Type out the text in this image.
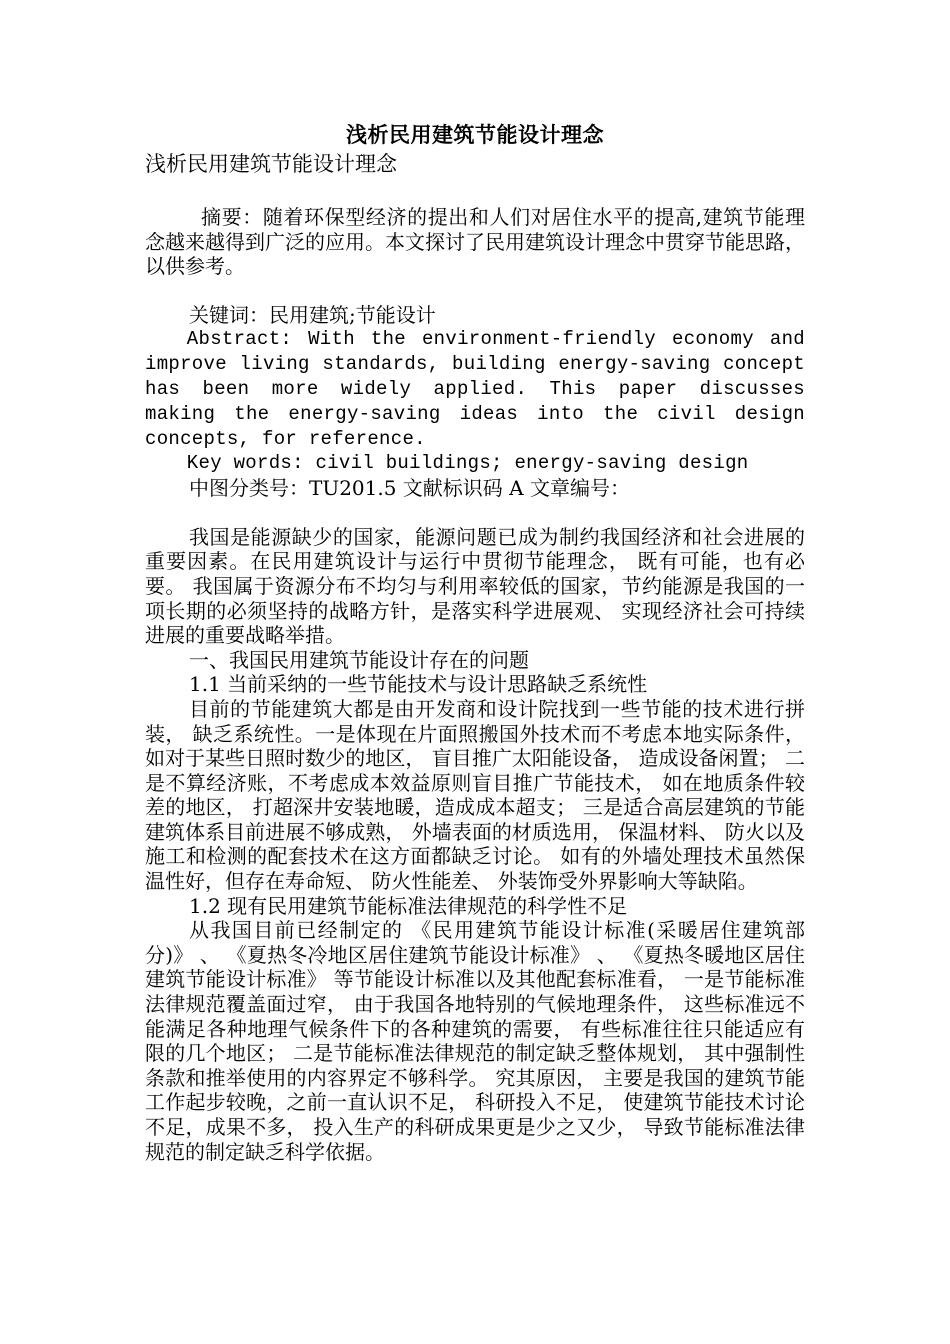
浅析民用建筑节能设计理念

浅析民用建筑节能设计理念

摘要：随着环保型经济的提出和人们对居住水平的提高,建筑节能理念越来越得到广泛的应用。本文探讨了民用建筑设计理念中贯穿节能思路，以供参考。

关键词：民用建筑;节能设计

Abstract: With the environment-friendly economy and improve living standards, building energy-saving concept has been more widely applied. This paper discusses making the energy-saving ideas into the civil design concepts, for reference.

Key words: civil buildings; energy-saving design

中图分类号：TU201.5 文献标识码 A 文章编号：

我国是能源缺少的国家，能源问题已成为制约我国经济和社会进展的重要因素。在民用建筑设计与运行中贯彻节能理念， 既有可能，也有必要。 我国属于资源分布不均匀与利用率较低的国家，节约能源是我国的一项长期的必须坚持的战略方针，是落实科学进展观、 实现经济社会可持续进展的重要战略举措。

一、我国民用建筑节能设计存在的问题

1.1 当前采纳的一些节能技术与设计思路缺乏系统性

目前的节能建筑大都是由开发商和设计院找到一些节能的技术进行拼装， 缺乏系统性。一是体现在片面照搬国外技术而不考虑本地实际条件， 如对于某些日照时数少的地区， 盲目推广太阳能设备， 造成设备闲置； 二是不算经济账，不考虑成本效益原则盲目推广节能技术， 如在地质条件较差的地区， 打超深井安装地暖，造成成本超支； 三是适合高层建筑的节能建筑体系目前进展不够成熟， 外墙表面的材质选用， 保温材料、 防火以及施工和检测的配套技术在这方面都缺乏讨论。 如有的外墙处理技术虽然保温性好，但存在寿命短、 防火性能差、 外装饰受外界影响大等缺陷。

1.2 现有民用建筑节能标准法律规范的科学性不足

从我国目前已经制定的 《民用建筑节能设计标准(采暖居住建筑部分)》 、 《夏热冬冷地区居住建筑节能设计标准》 、 《夏热冬暖地区居住建筑节能设计标准》 等节能设计标准以及其他配套标准看， 一是节能标准法律规范覆盖面过窄， 由于我国各地特别的气候地理条件， 这些标准远不能满足各种地理气候条件下的各种建筑的需要， 有些标准往往只能适应有限的几个地区； 二是节能标准法律规范的制定缺乏整体规划， 其中强制性条款和推举使用的内容界定不够科学。 究其原因， 主要是我国的建筑节能工作起步较晚，之前一直认识不足， 科研投入不足， 使建筑节能技术讨论不足，成果不多， 投入生产的科研成果更是少之又少， 导致节能标准法律规范的制定缺乏科学依据。
